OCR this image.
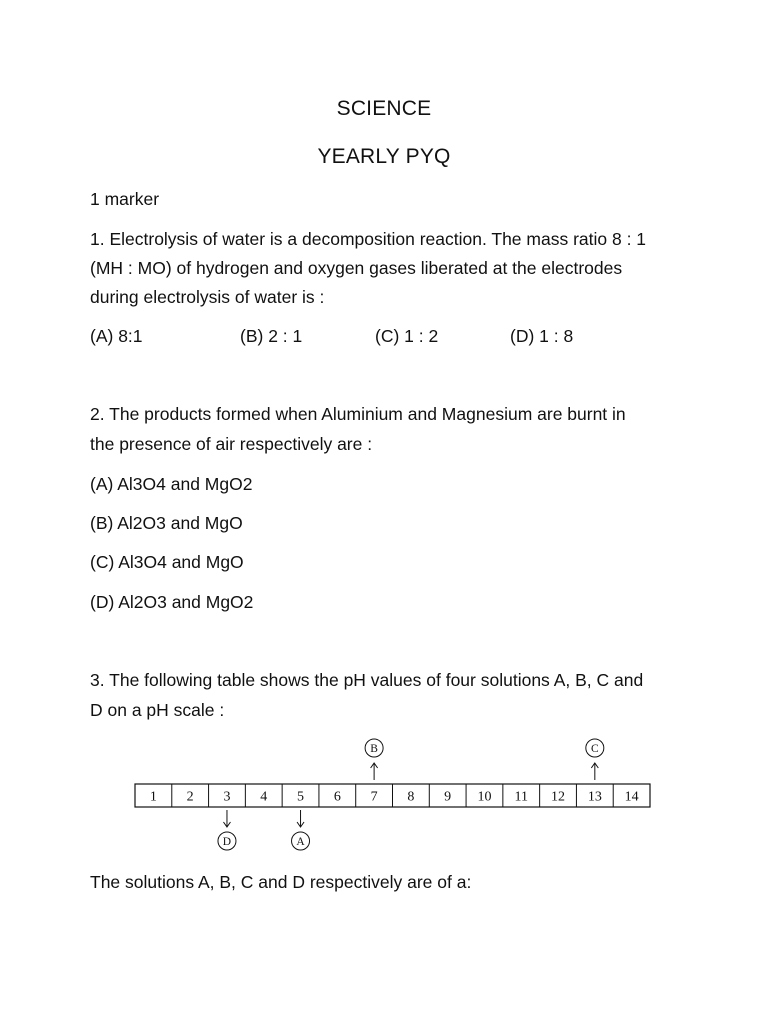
SCIENCE
YEARLY PYQ
1 marker
1. Electrolysis of water is a decomposition reaction. The mass ratio 8 : 1
(MH : MO) of hydrogen and oxygen gases liberated at the electrodes
during electrolysis of water is :
(A) 8:1	(B) 2 : 1	(C) 1 : 2	(D) 1 : 8
2. The products formed when Aluminium and Magnesium are burnt in
the presence of air respectively are :
(A) Al3O4 and MgO2
(B) Al2O3 and MgO
(C) Al3O4 and MgO
(D) Al2O3 and MgO2
3. The following table shows the pH values of four solutions A, B, C and
D on a pH scale :
1 2 3 4 5 6 7 8 9 10 11 12 13 14
B	C
D	A
The solutions A, B, C and D respectively are of a:
